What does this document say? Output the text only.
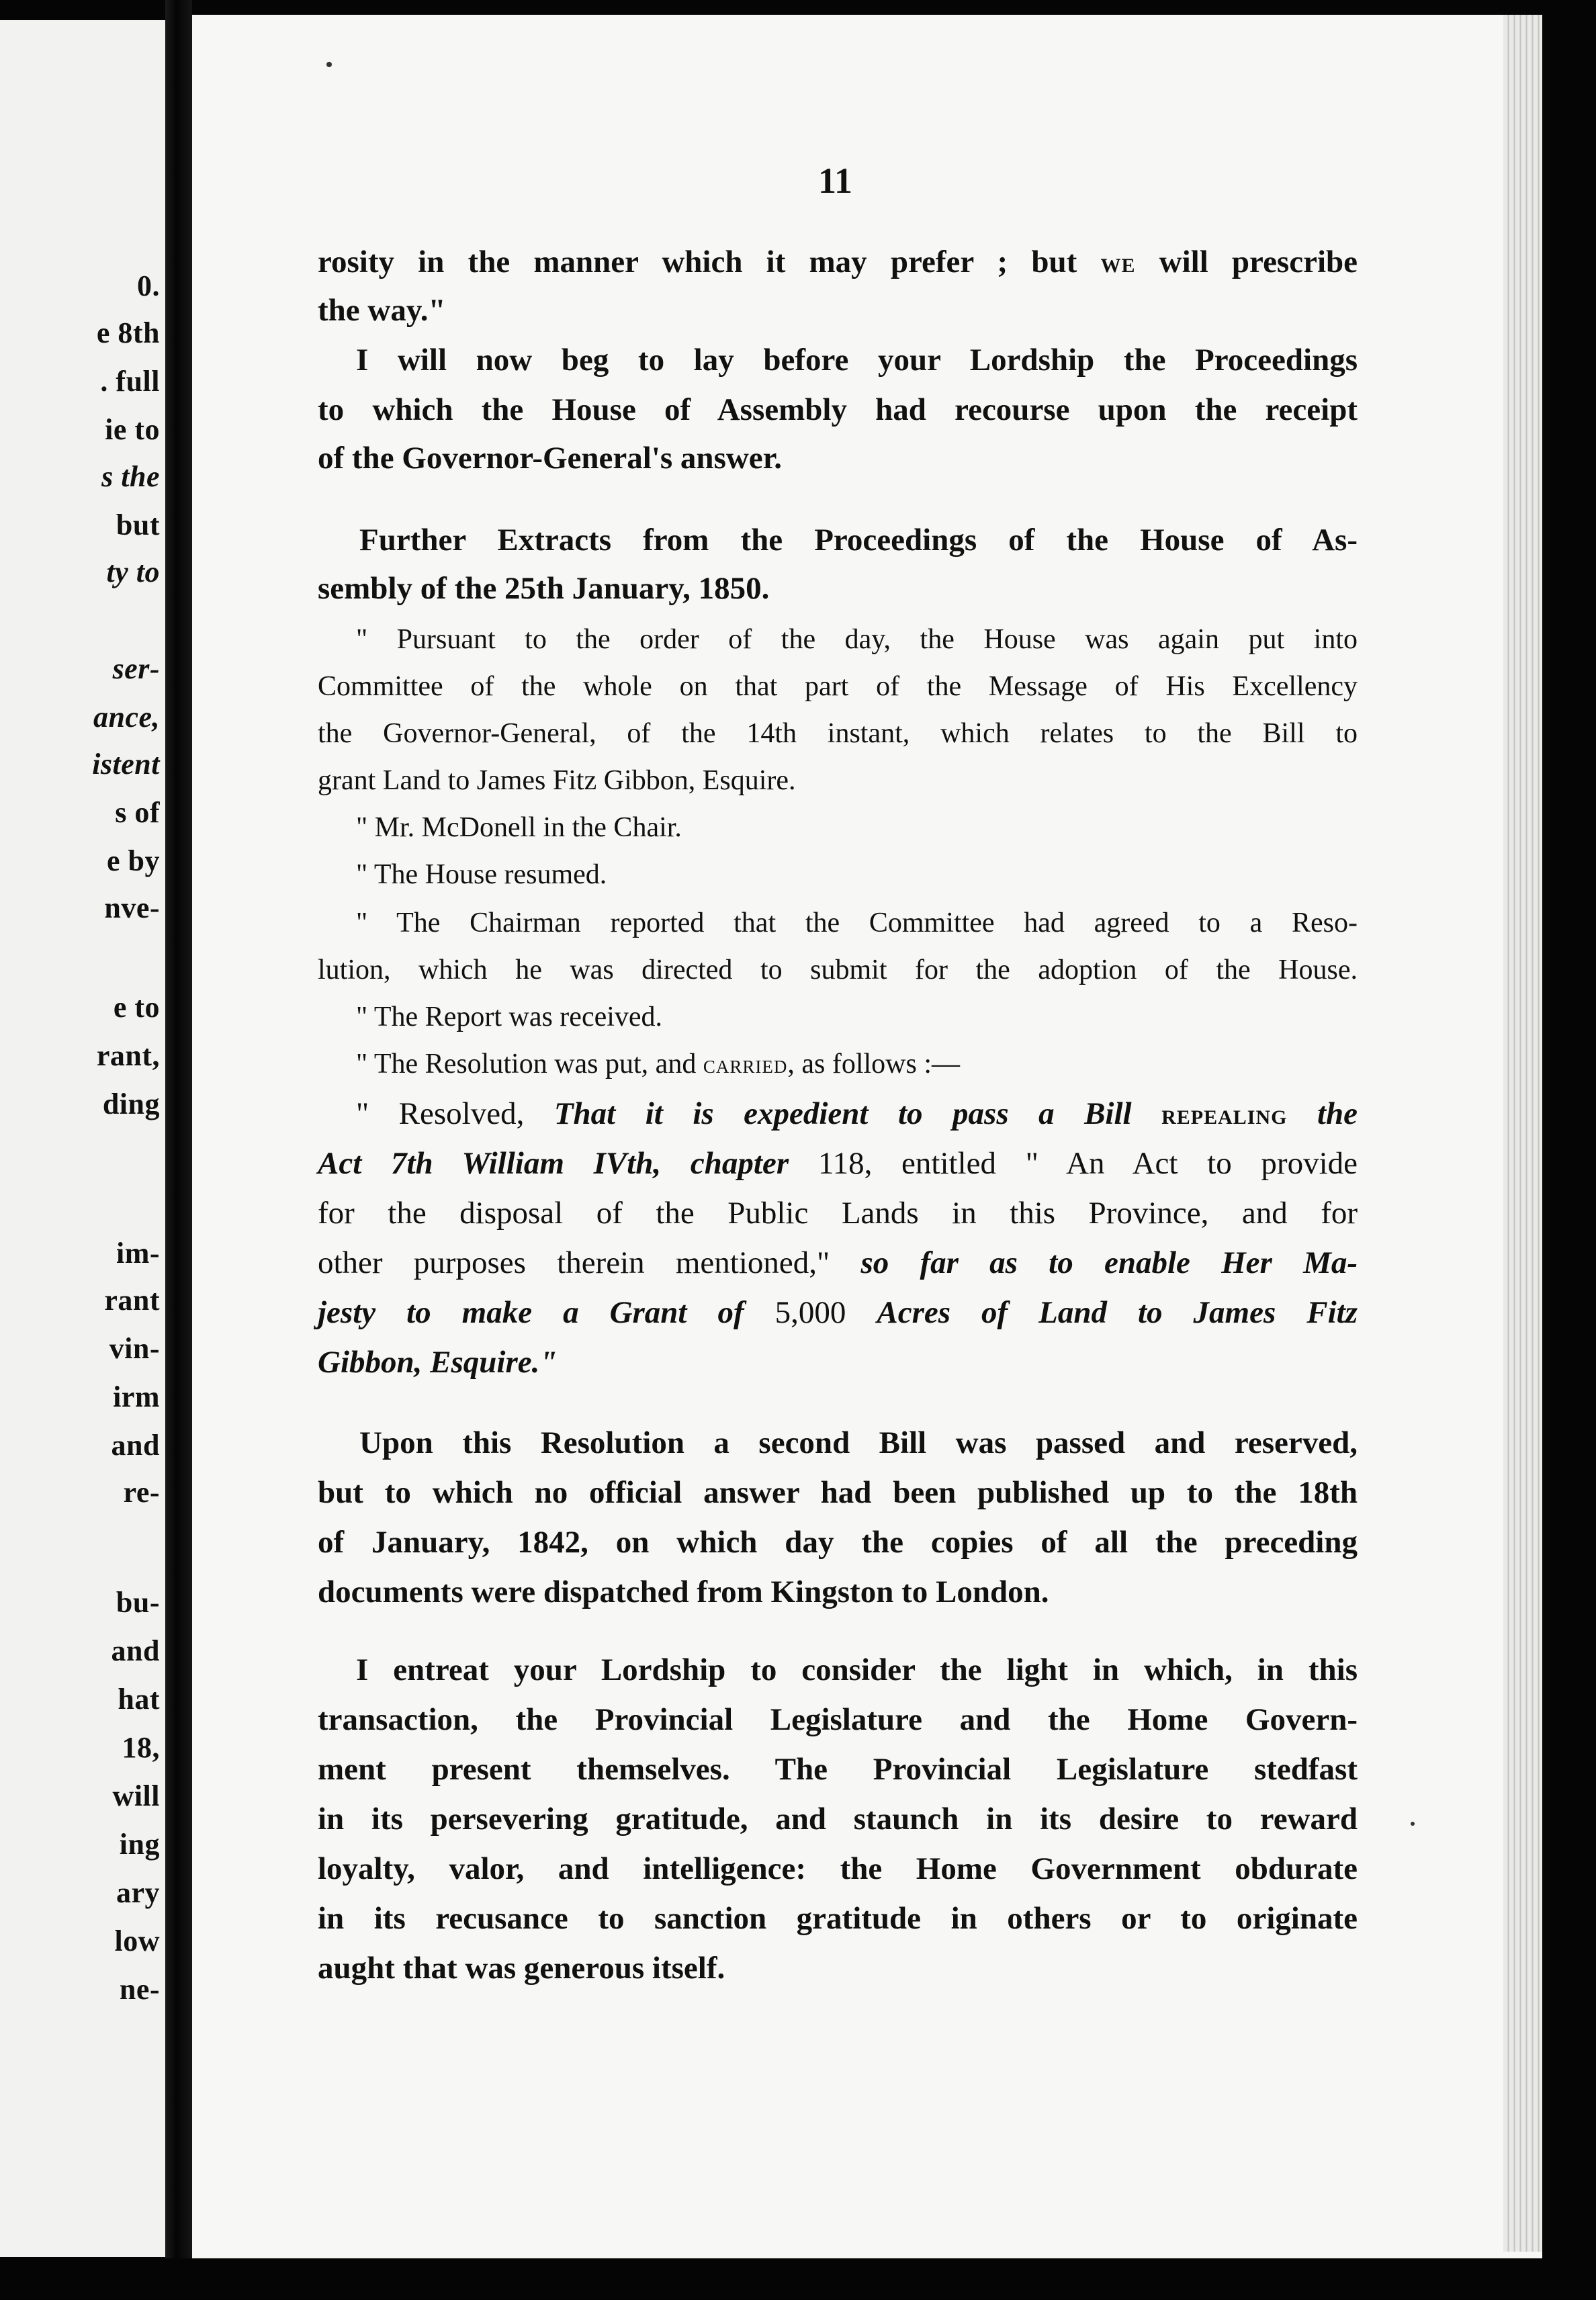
0.
e 8th
. full
ie to
s the
but
ty to
ser-
ance,
istent
s of
e by
nve-
e to
rant,
ding
im-
rant
vin-
irm
and
re-
bu-
and
hat
18,
will
ing
ary
low
ne-
11
rosity in the manner which it may prefer ; but we will prescribe
the way."
I will now beg to lay before your Lordship the Proceedings
to which the House of Assembly had recourse upon the receipt
of the Governor-General's answer.
Further Extracts from the Proceedings of the House of As-
sembly of the 25th January, 1850.
" Pursuant to the order of the day, the House was again put into
Committee of the whole on that part of the Message of His Excellency
the Governor-General, of the 14th instant, which relates to the Bill to
grant Land to James Fitz Gibbon, Esquire.
" Mr. McDonell in the Chair.
" The House resumed.
" The Chairman reported that the Committee had agreed to a Reso-
lution, which he was directed to submit for the adoption of the House.
" The Report was received.
" The Resolution was put, and carried, as follows :—
" Resolved, That it is expedient to pass a Bill repealing the
Act 7th William IVth, chapter 118, entitled " An Act to provide
for the disposal of the Public Lands in this Province, and for
other purposes therein mentioned," so far as to enable Her Ma-
jesty to make a Grant of 5,000 Acres of Land to James Fitz
Gibbon, Esquire."
Upon this Resolution a second Bill was passed and reserved,
but to which no official answer had been published up to the 18th
of January, 1842, on which day the copies of all the preceding
documents were dispatched from Kingston to London.
I entreat your Lordship to consider the light in which, in this
transaction, the Provincial Legislature and the Home Govern-
ment present themselves. The Provincial Legislature stedfast
in its persevering gratitude, and staunch in its desire to reward
loyalty, valor, and intelligence: the Home Government obdurate
in its recusance to sanction gratitude in others or to originate
aught that was generous itself.
